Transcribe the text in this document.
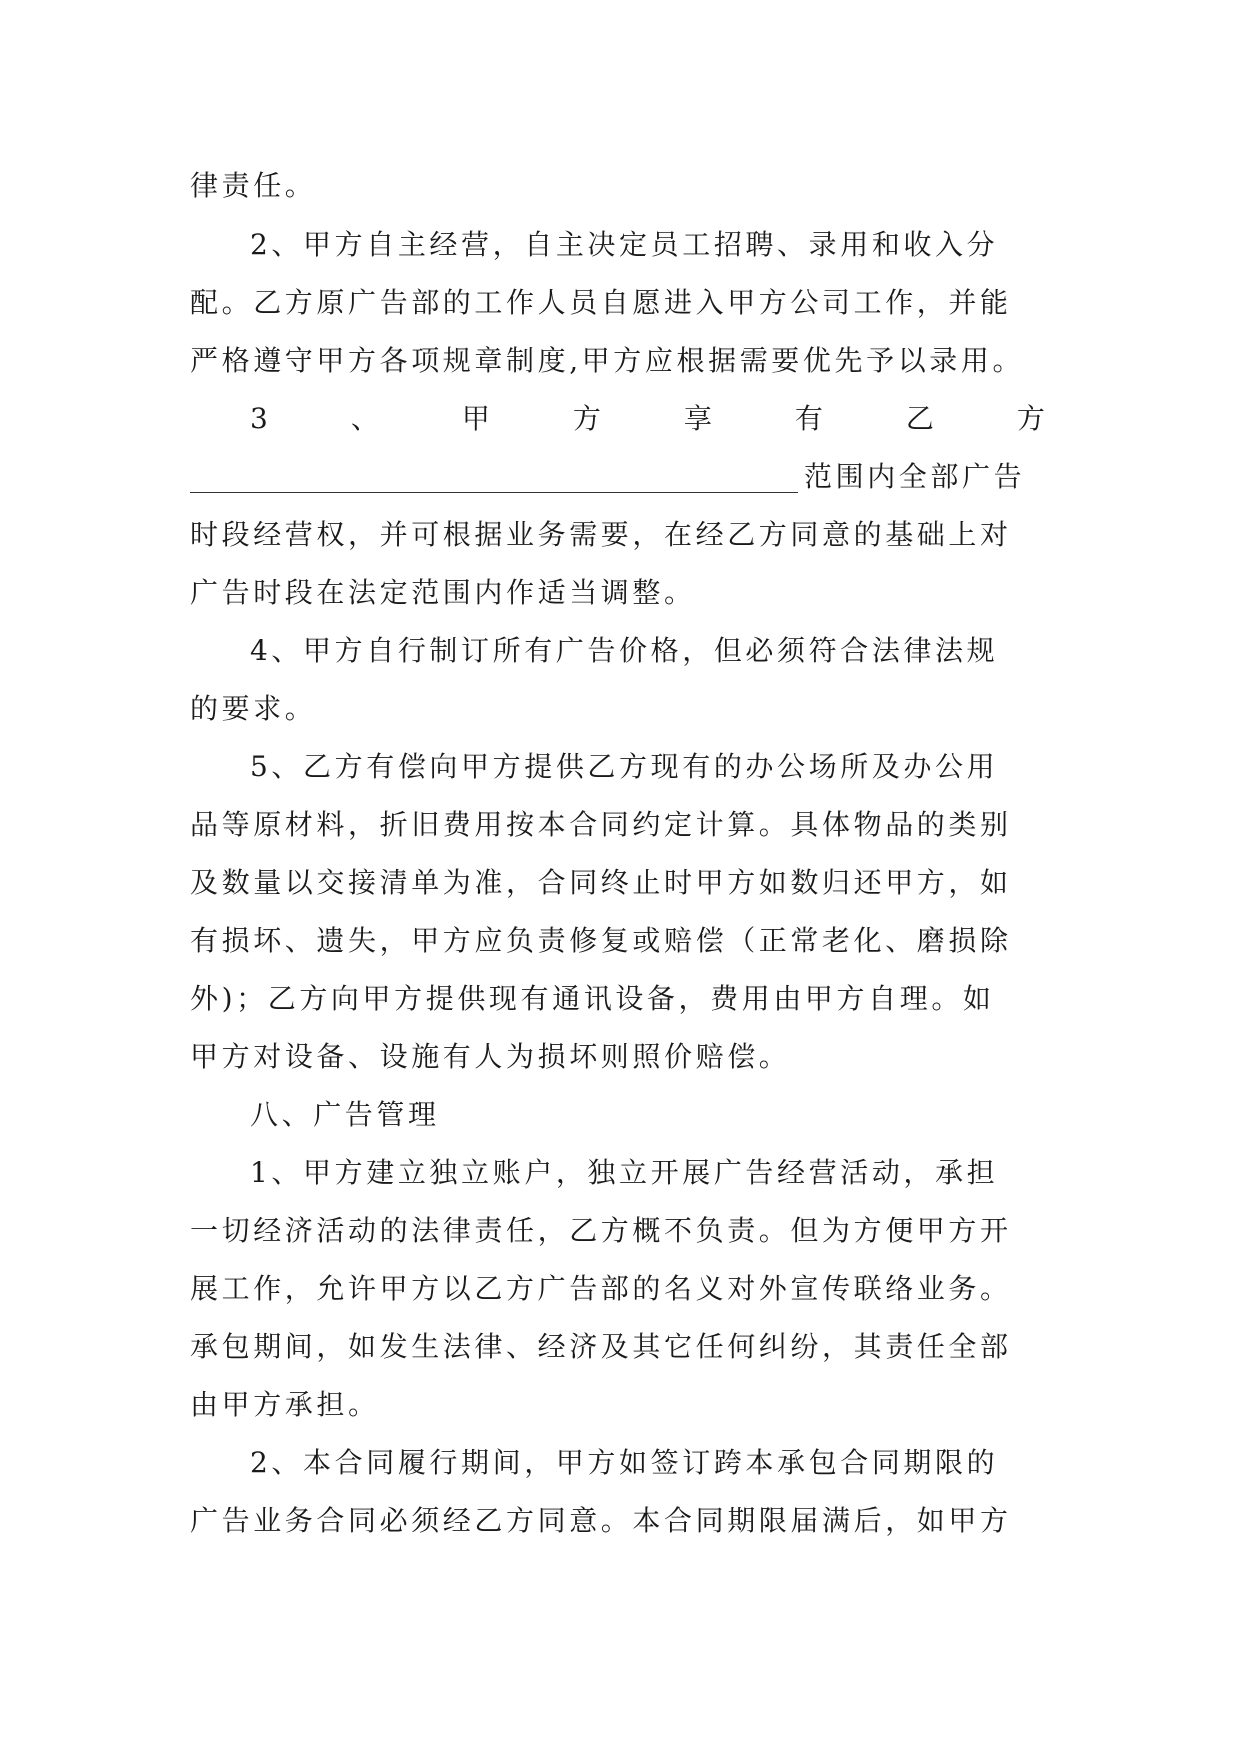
律责任。
2、甲方自主经营，自主决定员工招聘、录用和收入分
配。乙方原广告部的工作人员自愿进入甲方公司工作，并能
严格遵守甲方各项规章制度,甲方应根据需要优先予以录用。
3	、	甲	方	享	有	乙	方
范围内全部广告
时段经营权，并可根据业务需要，在经乙方同意的基础上对
广告时段在法定范围内作适当调整。
4、甲方自行制订所有广告价格，但必须符合法律法规
的要求。
5、乙方有偿向甲方提供乙方现有的办公场所及办公用
品等原材料，折旧费用按本合同约定计算。具体物品的类别
及数量以交接清单为准，合同终止时甲方如数归还甲方，如
有损坏、遗失，甲方应负责修复或赔偿（正常老化、磨损除
外)；乙方向甲方提供现有通讯设备，费用由甲方自理。如
甲方对设备、设施有人为损坏则照价赔偿。
八、广告管理
1、甲方建立独立账户，独立开展广告经营活动，承担
一切经济活动的法律责任，乙方概不负责。但为方便甲方开
展工作，允许甲方以乙方广告部的名义对外宣传联络业务。
承包期间，如发生法律、经济及其它任何纠纷，其责任全部
由甲方承担。
2、本合同履行期间，甲方如签订跨本承包合同期限的
广告业务合同必须经乙方同意。本合同期限届满后，如甲方
